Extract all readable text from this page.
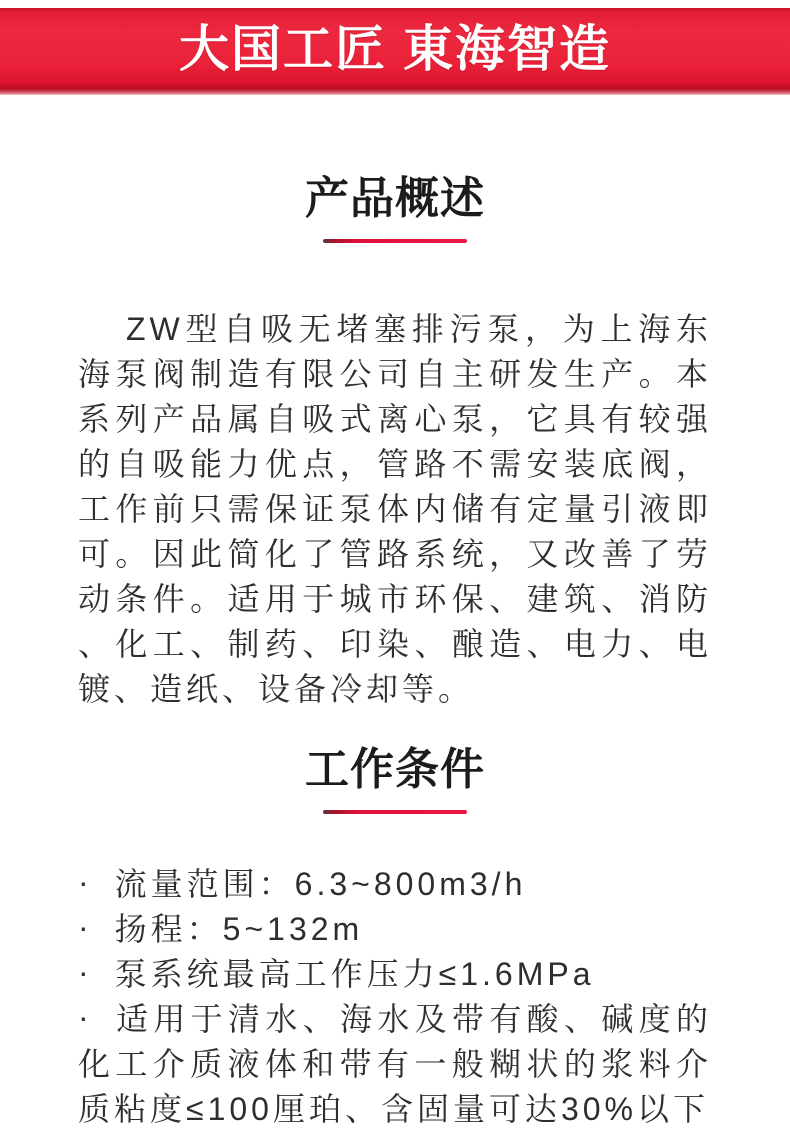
大国工匠 東海智造
产品概述
ZW型自吸无堵塞排污泵，为上海东海泵阀制造有限公司自主研发生产。本系列产品属自吸式离心泵，它具有较强的自吸能力优点，管路不需安装底阀，工作前只需保证泵体内储有定量引液即可。因此简化了管路系统，又改善了劳动条件。适用于城市环保、建筑、消防、化工、制药、印染、酿造、电力、电镀、造纸、设备冷却等。
工作条件
· 流量范围：6.3~800m3/h
· 扬程：5~132m
· 泵系统最高工作压力≤1.6MPa
· 适用于清水、海水及带有酸、碱度的化工介质液体和带有一般糊状的浆料介质粘度≤100厘珀、含固量可达30%以下
